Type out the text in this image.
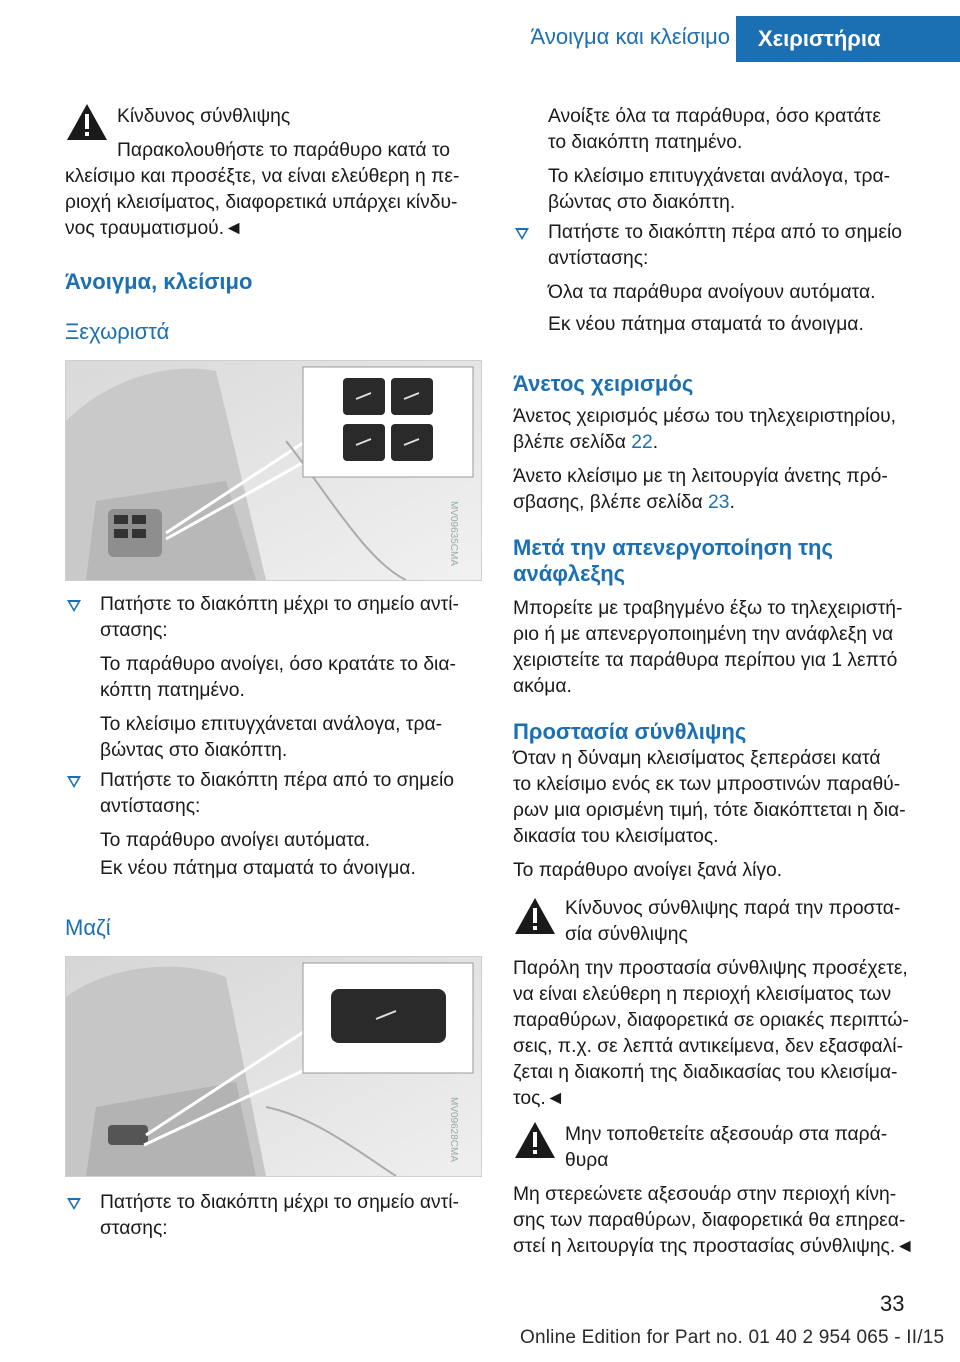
Άνοιγμα και κλείσιμο Χειριστήρια

Κίνδυνος σύνθλιψης

Παρακολουθήστε το παράθυρο κατά το

κλείσιμο και προσέξτε, να είναι ελεύθερη η πε-

ριοχή κλεισίματος, διαφορετικά υπάρχει κίνδυ-

νος τραυματισμού.◄

Άνοιγμα, κλείσιμο
Ξεχωριστά
MV09635CMA

Πατήστε το διακόπτη μέχρι το σημείο αντί-

στασης:

Το παράθυρο ανοίγει, όσο κρατάτε το δια-

κόπτη πατημένο.

Το κλείσιμο επιτυγχάνεται ανάλογα, τρα-

βώντας στο διακόπτη.

Πατήστε το διακόπτη πέρα από το σημείο

αντίστασης:

Το παράθυρο ανοίγει αυτόματα.

Εκ νέου πάτημα σταματά το άνοιγμα.

Μαζί
MV09628CMA

Πατήστε το διακόπτη μέχρι το σημείο αντί-

στασης:

Ανοίξτε όλα τα παράθυρα, όσο κρατάτε

το διακόπτη πατημένο.

Το κλείσιμο επιτυγχάνεται ανάλογα, τρα-

βώντας στο διακόπτη.

Πατήστε το διακόπτη πέρα από το σημείο

αντίστασης:

Όλα τα παράθυρα ανοίγουν αυτόματα.

Εκ νέου πάτημα σταματά το άνοιγμα.

Άνετος χειρισμός

Άνετος χειρισμός μέσω του τηλεχειριστηρίου,

βλέπε σελίδα 22.

Άνετο κλείσιμο με τη λειτουργία άνετης πρό-

σβασης, βλέπε σελίδα 23.

Μετά την απενεργοποίηση της
ανάφλεξης

Μπορείτε με τραβηγμένο έξω το τηλεχειριστή-

ριο ή με απενεργοποιημένη την ανάφλεξη να

χειριστείτε τα παράθυρα περίπου για 1 λεπτό

ακόμα.

Προστασία σύνθλιψης

Όταν η δύναμη κλεισίματος ξεπεράσει κατά

το κλείσιμο ενός εκ των μπροστινών παραθύ-

ρων μια ορισμένη τιμή, τότε διακόπτεται η δια-

δικασία του κλεισίματος.

Το παράθυρο ανοίγει ξανά λίγο.

Κίνδυνος σύνθλιψης παρά την προστα-

σία σύνθλιψης

Παρόλη την προστασία σύνθλιψης προσέχετε,

να είναι ελεύθερη η περιοχή κλεισίματος των

παραθύρων, διαφορετικά σε οριακές περιπτώ-

σεις, π.χ. σε λεπτά αντικείμενα, δεν εξασφαλί-

ζεται η διακοπή της διαδικασίας του κλεισίμα-

τος.◄

Μην τοποθετείτε αξεσουάρ στα παρά-

θυρα

Μη στερεώνετε αξεσουάρ στην περιοχή κίνη-

σης των παραθύρων, διαφορετικά θα επηρεα-

στεί η λειτουργία της προστασίας σύνθλιψης.◄

33
Online Edition for Part no. 01 40 2 954 065 - II/15
